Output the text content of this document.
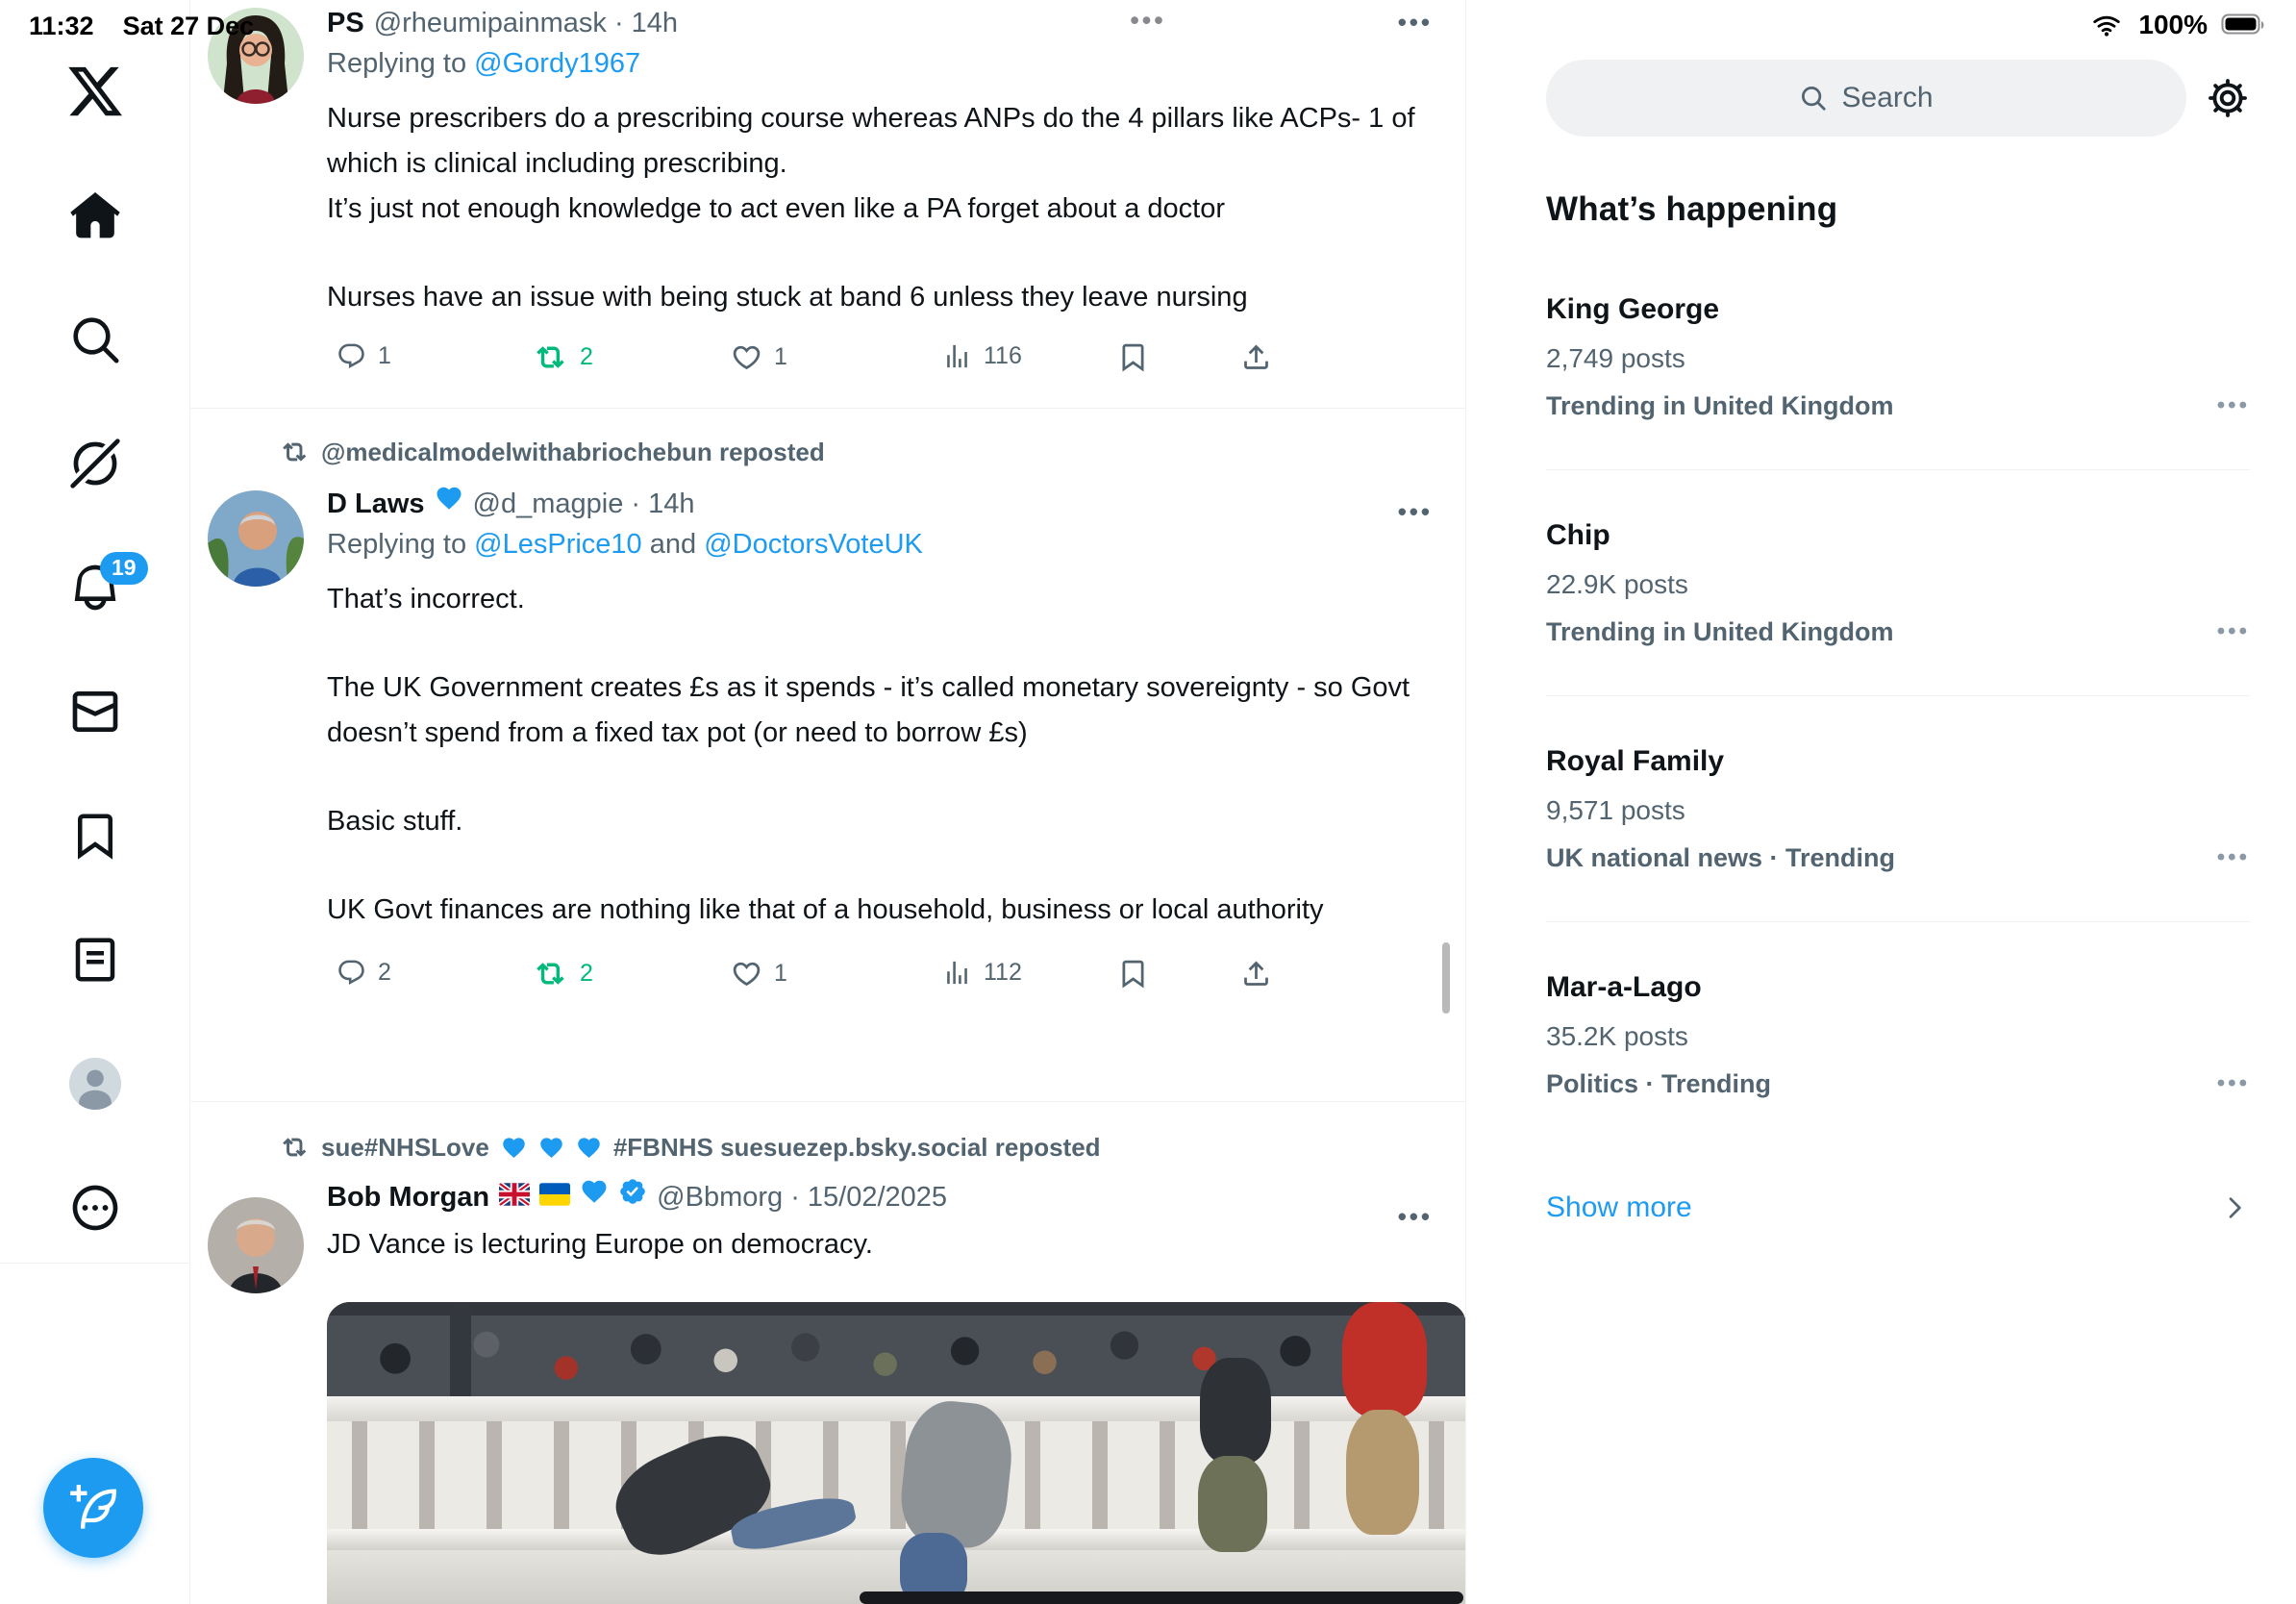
11:32 Sat 27 Dec	•••	100%
19
PS @rheumipainmask · 14h	•••
Replying to @Gordy1967

Nurse prescribers do a prescribing course whereas ANPs do the 4 pillars like ACPs- 1 of which is clinical including prescribing.

It’s just not enough knowledge to act even like a PA forget about a doctor

Nurses have an issue with being stuck at band 6 unless they leave nursing

1	2	1	116
@medicalmodelwithabriochebun reposted
D Laws @d_magpie · 14h	•••
Replying to @LesPrice10 and @DoctorsVoteUK

That’s incorrect.

The UK Government creates £s as it spends - it’s called monetary sovereignty - so Govt doesn’t spend from a fixed tax pot (or need to borrow £s)

Basic stuff.

UK Govt finances are nothing like that of a household, business or local authority

2	2	1	112
sue#NHSLove	#FBNHS suesuezep.bsky.social reposted
Bob Morgan	@Bbmorg · 15/02/2025
•••

JD Vance is lecturing Europe on democracy.

Search
What’s happening
King George
2,749 posts
Trending in United Kingdom	•••
Chip
22.9K posts
Trending in United Kingdom	•••
Royal Family
9,571 posts
UK national news · Trending	•••
Mar-a-Lago
35.2K posts
Politics · Trending	•••
Show more
